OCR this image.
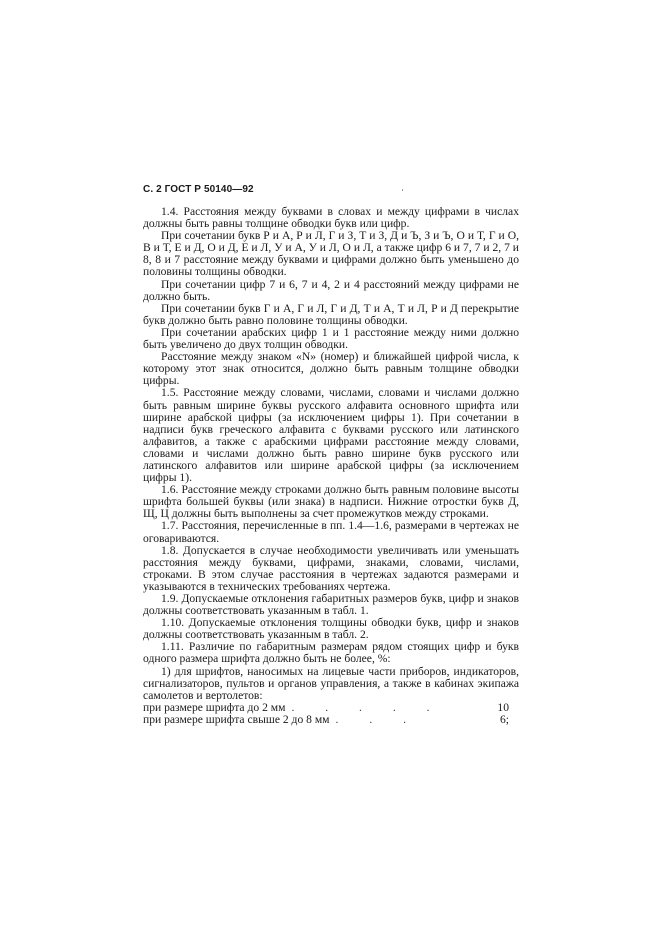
С. 2 ГОСТ Р 50140—92

1.4. Расстояния между буквами в словах и между цифрами в числах должны быть равны толщине обводки букв или цифр.

При сочетании букв Р и А, Р и Л, Г и З, Т и З, Д и Ъ, З и Ъ, О и Т, Г и О, В и Т, Е и Д, О и Д, Е и Л, У и А, У и Л, О и Л, а также цифр 6 и 7, 7 и 2, 7 и 8, 8 и 7 расстояние между буквами и цифрами должно быть уменьшено до половины толщины обводки.

При сочетании цифр 7 и 6, 7 и 4, 2 и 4 расстояний между цифрами не должно быть.

При сочетании букв Г и А, Г и Л, Г и Д, Т и А, Т и Л, Р и Д перекрытие букв должно быть равно половине толщины обводки.

При сочетании арабских цифр 1 и 1 расстояние между ними должно быть увеличено до двух толщин обводки.

Расстояние между знаком «N» (номер) и ближайшей цифрой числа, к которому этот знак относится, должно быть равным толщине обводки цифры.

1.5. Расстояние между словами, числами, словами и числами должно быть равным ширине буквы русского алфавита основного шрифта или ширине арабской цифры (за исключением цифры 1). При сочетании в надписи букв греческого алфавита с буквами русского или латинского алфавитов, а также с арабскими цифрами расстояние между словами, словами и числами должно быть равно ширине букв русского или латинского алфавитов или ширине арабской цифры (за исключением цифры 1).

1.6. Расстояние между строками должно быть равным половине высоты шрифта большей буквы (или знака) в надписи. Нижние отростки букв Д, Щ, Ц должны быть выполнены за счет промежутков между строками.

1.7. Расстояния, перечисленные в пп. 1.4—1.6, размерами в чертежах не оговариваются.

1.8. Допускается в случае необходимости увеличивать или уменьшать расстояния между буквами, цифрами, знаками, словами, числами, строками. В этом случае расстояния в чертежах задаются размерами и указываются в технических требованиях чертежа.

1.9. Допускаемые отклонения габаритных размеров букв, цифр и знаков должны соответствовать указанным в табл. 1.

1.10. Допускаемые отклонения толщины обводки букв, цифр и знаков должны соответствовать указанным в табл. 2.

1.11. Различие по габаритным размерам рядом стоящих цифр и букв одного размера шрифта должно быть не более, %:

1) для шрифтов, наносимых на лицевые части приборов, индикаторов, сигнализаторов, пультов и органов управления, а также в кабинах экипажа самолетов и вертолетов:

при размере шрифта до 2 мм . . . . .	10
при размере шрифта свыше 2 до 8 мм . . .	6;
